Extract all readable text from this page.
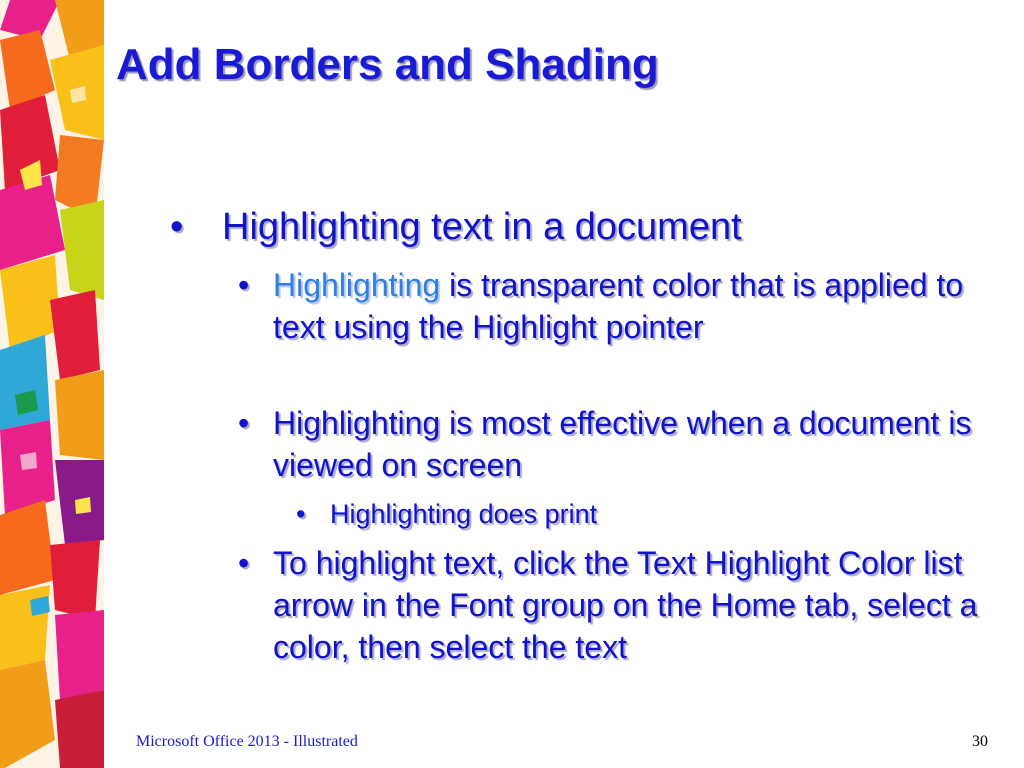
Add Borders and Shading
• Highlighting text in a document
• Highlighting is transparent color that is applied to text using the Highlight pointer
• Highlighting is most effective when a document is viewed on screen
• Highlighting does print
• To highlight text, click the Text Highlight Color list arrow in the Font group on the Home tab, select a color, then select the text
Microsoft Office 2013 - Illustrated	30
